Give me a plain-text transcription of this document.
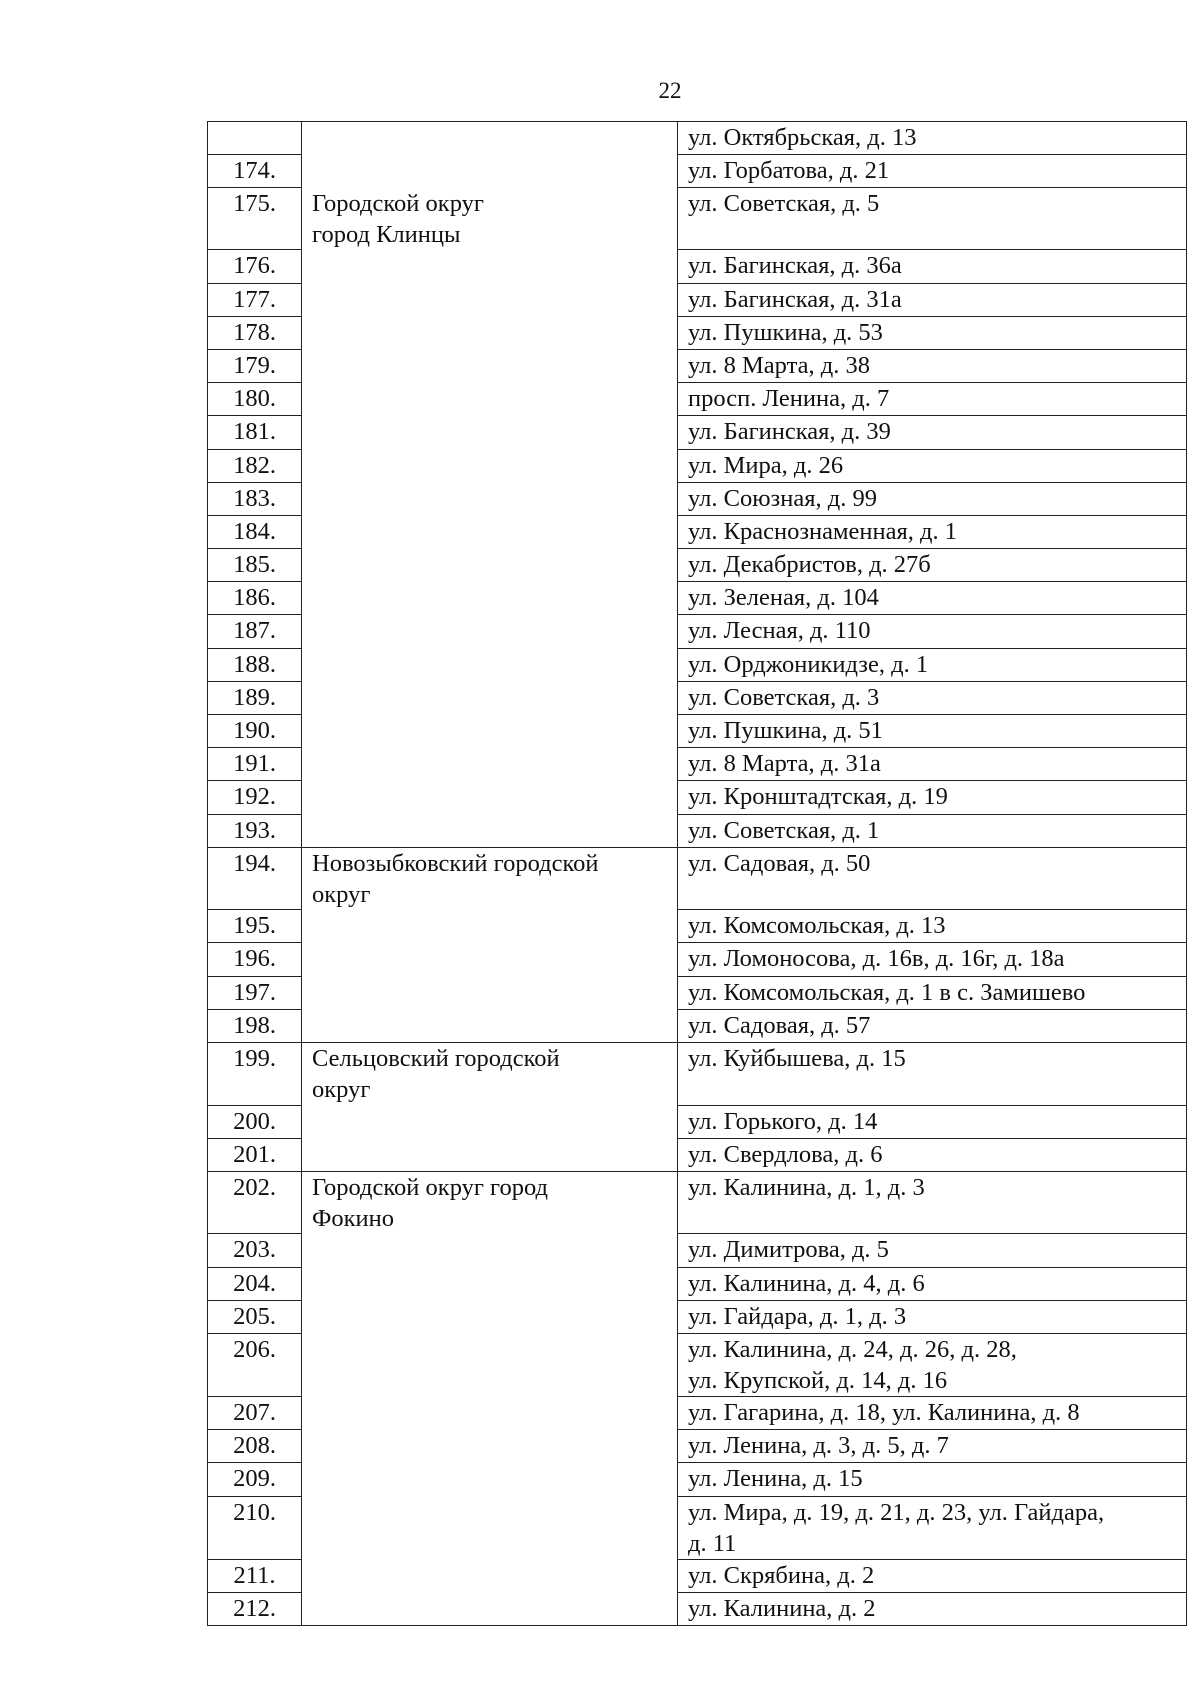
22
		ул. Октябрьская, д. 13
174.		ул. Горбатова, д. 21
175.	Городской округ
город Клинцы	ул. Советская, д. 5
176.		ул. Багинская, д. 36а
177.		ул. Багинская, д. 31а
178.		ул. Пушкина, д. 53
179.		ул. 8 Марта, д. 38
180.		просп. Ленина, д. 7
181.		ул. Багинская, д. 39
182.		ул. Мира, д. 26
183.		ул. Союзная, д. 99
184.		ул. Краснознаменная, д. 1
185.		ул. Декабристов, д. 27б
186.		ул. Зеленая, д. 104
187.		ул. Лесная, д. 110
188.		ул. Орджоникидзе, д. 1
189.		ул. Советская, д. 3
190.		ул. Пушкина, д. 51
191.		ул. 8 Марта, д. 31а
192.		ул. Кронштадтская, д. 19
193.		ул. Советская, д. 1
194.	Новозыбковский городской
округ	ул. Садовая, д. 50
195.		ул. Комсомольская, д. 13
196.		ул. Ломоносова, д. 16в, д. 16г, д. 18а

197.		ул. Комсомольская, д. 1 в с. Замишево
198.		ул. Садовая, д. 57
199.	Сельцовский городской
округ	ул. Куйбышева, д. 15
200.		ул. Горького, д. 14
201.		ул. Свердлова, д. 6
202.	Городской округ город
Фокино	ул. Калинина, д. 1, д. 3
203.		ул. Димитрова, д. 5
204.		ул. Калинина, д. 4, д. 6
205.		ул. Гайдара, д. 1, д. 3
206.		ул. Калинина, д. 24, д. 26, д. 28,
ул. Крупской, д. 14, д. 16
207.		ул. Гагарина, д. 18, ул. Калинина, д. 8
208.		ул. Ленина, д. 3, д. 5, д. 7
209.		ул. Ленина, д. 15
210.		ул. Мира, д. 19, д. 21, д. 23, ул. Гайдара,
д. 11
211.		ул. Скрябина, д. 2
212.		ул. Калинина, д. 2
